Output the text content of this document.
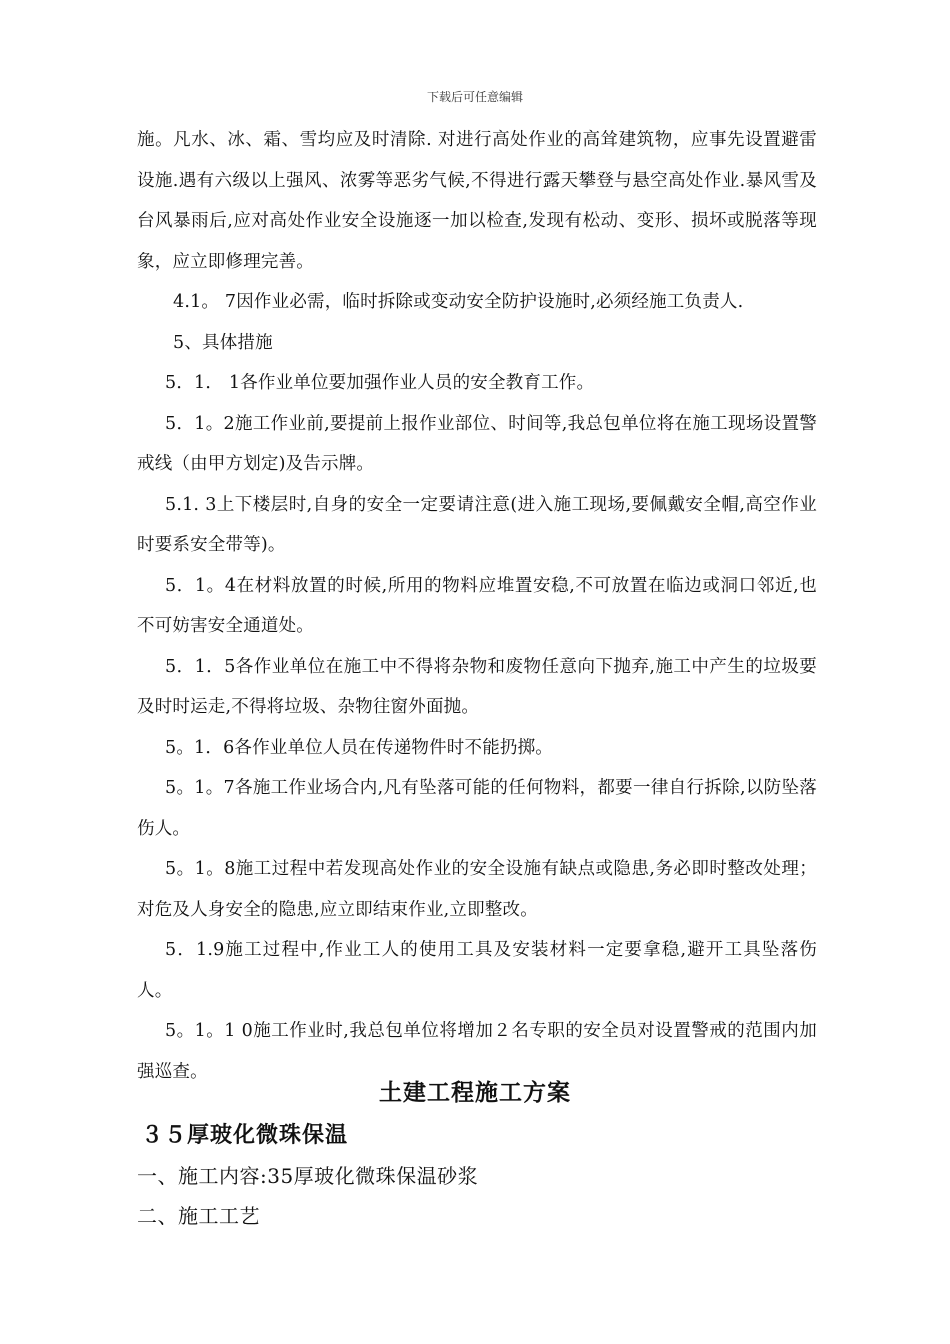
下载后可任意编辑

施。凡水、冰、霜、雪均应及时清除. 对进行高处作业的高耸建筑物，应事先设置避雷设施.遇有六级以上强风、浓雾等恶劣气候,不得进行露天攀登与悬空高处作业.暴风雪及台风暴雨后,应对高处作业安全设施逐一加以检查,发现有松动、变形、损坏或脱落等现象，应立即修理完善。

4.1。 7因作业必需，临时拆除或变动安全防护设施时,必须经施工负责人.

5、具体措施

5．1． 1各作业单位要加强作业人员的安全教育工作。

5．1。2施工作业前,要提前上报作业部位、时间等,我总包单位将在施工现场设置警戒线（由甲方划定)及告示牌。

5.1. 3上下楼层时,自身的安全一定要请注意(进入施工现场,要佩戴安全帽,高空作业时要系安全带等)。

5．1。4在材料放置的时候,所用的物料应堆置安稳,不可放置在临边或洞口邻近,也不可妨害安全通道处。

5．1．5各作业单位在施工中不得将杂物和废物任意向下抛弃,施工中产生的垃圾要及时时运走,不得将垃圾、杂物往窗外面抛。

5。1．6各作业单位人员在传递物件时不能扔掷。

5。1。7各施工作业场合内,凡有坠落可能的任何物料，都要一律自行拆除,以防坠落伤人。

5。1。8施工过程中若发现高处作业的安全设施有缺点或隐患,务必即时整改处理；对危及人身安全的隐患,应立即结束作业,立即整改。

5．1.9施工过程中,作业工人的使用工具及安装材料一定要拿稳,避开工具坠落伤人。

5。1。1 0施工作业时,我总包单位将增加２名专职的安全员对设置警戒的范围内加强巡查。

土建工程施工方案
３５厚玻化微珠保温
一、施工内容:35厚玻化微珠保温砂浆
二、施工工艺
